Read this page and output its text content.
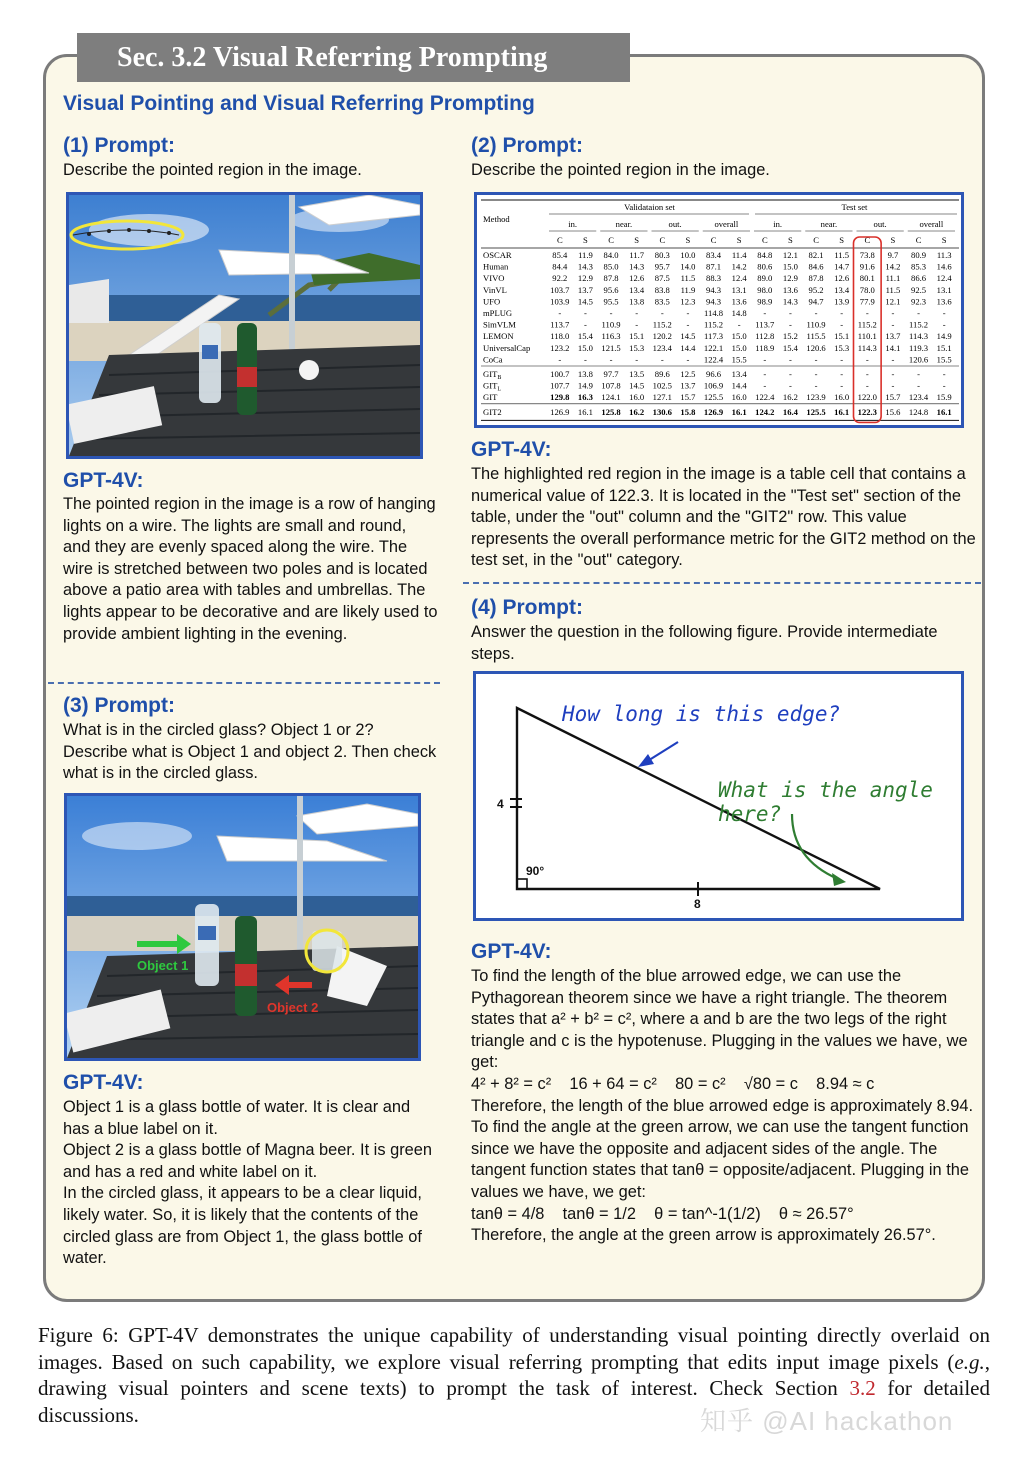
Sec. 3.2 Visual Referring Prompting
Visual Pointing and Visual Referring Prompting
(1) Prompt:
Describe the pointed region in the image.
GPT-4V:
The pointed region in the image is a row of hanging lights on a wire. The lights are small and round, and they are evenly spaced along the wire. The wire is stretched between two poles and is located above a patio area with tables and umbrellas. The lights appear to be decorative and are likely used to provide ambient lighting in the evening.
(3) Prompt:
What is in the circled glass? Object 1 or 2? Describe what is Object 1 and object 2. Then check what is in the circled glass.
Object 1
Object 2
GPT-4V:
Object 1 is a glass bottle of water. It is clear and has a blue label on it.
Object 2 is a glass bottle of Magna beer. It is green and has a red and white label on it.
In the circled glass, it appears to be a clear liquid, likely water. So, it is likely that the contents of the circled glass are from Object 1, the glass bottle of water.
(2) Prompt:
Describe the pointed region in the image.
Validataion set	Test set
Method	in.	near.	out.	overall	in.	near.	out.	overall
C S C S C S C S C S C S C S C S
OSCAR	85.4 11.9 84.0 11.7 80.3 10.0 83.4 11.4 84.8 12.1 82.1 11.5 73.8 9.7 80.9 11.3
Human	84.4 14.3 85.0 14.3 95.7 14.0 87.1 14.2 80.6 15.0 84.6 14.7 91.6 14.2 85.3 14.6
VIVO	92.2 12.9 87.8 12.6 87.5 11.5 88.3 12.4 89.0 12.9 87.8 12.6 80.1 11.1 86.6 12.4
VinVL	103.7 13.7 95.6 13.4 83.8 11.9 94.3 13.1 98.0 13.6 95.2 13.4 78.0 11.5 92.5 13.1
UFO	103.9 14.5 95.5 13.8 83.5 12.3 94.3 13.6 98.9 14.3 94.7 13.9 77.9 12.1 92.3 13.6
mPLUG	-	-	-	-	-	- 114.8 14.8 -	-	-	-	-	-	-	-
SimVLM	113.7 - 110.9 - 115.2 - 115.2 - 113.7 - 110.9 - 115.2 - 115.2 -
LEMON	118.0 15.4 116.3 15.1 120.2 14.5 117.3 15.0 112.8 15.2 115.5 15.1 110.1 13.7 114.3 14.9
UniversalCap 123.2 15.0 121.5 15.3 123.4 14.4 122.1 15.0 118.9 15.4 120.6 15.3 114.3 14.1 119.3 15.1
CoCa	-	-	-	-	-	- 122.4 15.5 -	-	-	-	-	- 120.6 15.5
$GIT_B$	100.7 13.8 97.7 13.5 89.6 12.5 96.6 13.4 -	-	-	-	-	-	-	-
$GIT_L$	107.7 14.9 107.8 14.5 102.5 13.7 106.9 14.4 -	-	-	-	-	-	-	-
GIT	129.8 16.3 124.1 16.0 127.1 15.7 125.5 16.0 122.4 16.2 123.9 16.0 122.0 15.7 123.4 15.9
GIT2	126.9 16.1 125.8 16.2 130.6 15.8 126.9 16.1 124.2 16.4 125.5 16.1 122.3 15.6 124.8 16.1
GPT-4V:
The highlighted red region in the image is a table cell that contains a numerical value of 122.3. It is located in the "Test set" section of the table, under the "out" column and the "GIT2" row. This value represents the overall performance metric for the GIT2 method on the test set, in the "out" category.
(4) Prompt:
Answer the question in the following figure. Provide intermediate steps.
How long is this edge?
What is the angle here?
4
8
90°
GPT-4V:
To find the length of the blue arrowed edge, we can use the Pythagorean theorem since we have a right triangle. The theorem states that a² + b² = c², where a and b are the two legs of the right triangle and c is the hypotenuse. Plugging in the values we have, we get:
4² + 8² = c²    16 + 64 = c²    80 = c²    √80 = c    8.94 ≈ c
Therefore, the length of the blue arrowed edge is approximately 8.94.
To find the angle at the green arrow, we can use the tangent function since we have the opposite and adjacent sides of the angle. The tangent function states that tanθ = opposite/adjacent. Plugging in the values we have, we get:
tanθ = 4/8    tanθ = 1/2    θ = tan^-1(1/2)    θ ≈ 26.57°
Therefore, the angle at the green arrow is approximately 26.57°.
Figure 6: GPT-4V demonstrates the unique capability of understanding visual pointing directly overlaid on images. Based on such capability, we explore visual referring prompting that edits input image pixels (e.g., drawing visual pointers and scene texts) to prompt the task of interest. Check Section 3.2 for detailed discussions.	知乎 @AI hackathon
